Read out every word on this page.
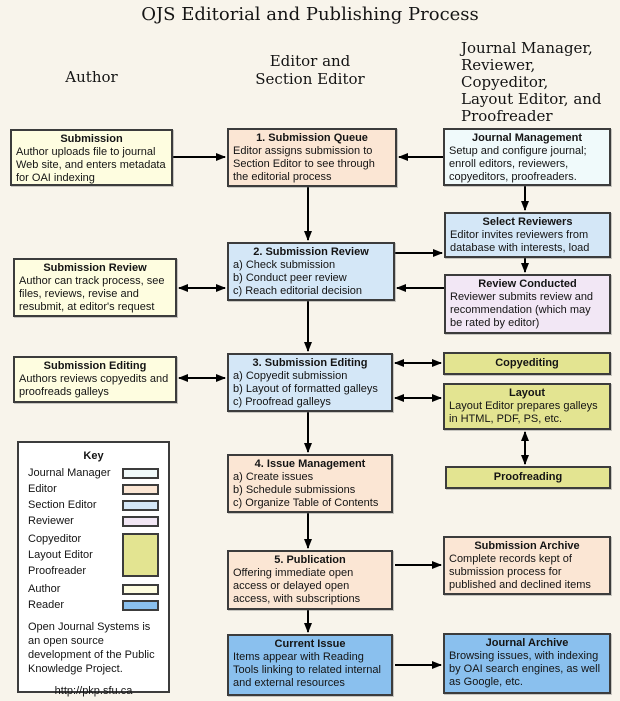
OJS Editorial and Publishing Process
Author
Editor and
Section Editor
Journal Manager,
Reviewer, Copyeditor,
Layout Editor, and
Proofreader
Submission
Author uploads file to journal Web site, and enters metadata for OAI indexing
Submission Review
Author can track process, see files, reviews, revise and resubmit, at editor's request
Submission Editing
Authors reviews copyedits and proofreads galleys
1. Submission Queue
Editor assigns submission to Section Editor to see through the editorial process
2. Submission Review
a) Check submission
b) Conduct peer review
c) Reach editorial decision
3. Submission Editing
a) Copyedit submission
b) Layout of formatted galleys
c) Proofread galleys
4. Issue Management
a) Create issues
b) Schedule submissions
c) Organize Table of Contents
5. Publication
Offering immediate open access or delayed open access, with subscriptions
Current Issue
Items appear with Reading Tools linking to related internal and external resources
Journal Management
Setup and configure journal; enroll editors, reviewers, copyeditors, proofreaders.
Select Reviewers
Editor invites reviewers from database with interests, load
Review Conducted
Reviewer submits review and recommendation (which may be rated by editor)
Copyediting
Layout
Layout Editor prepares galleys in HTML, PDF, PS, etc.
Proofreading
Submission Archive
Complete records kept of submission process for published and declined items
Journal Archive
Browsing issues, with indexing by OAI search engines, as well as Google, etc.
Key
Journal Manager
Editor
Section Editor
Reviewer
Copyeditor
Layout Editor
Proofreader
Author
Reader
Open Journal Systems is an open source development of the Public Knowledge Project.
http://pkp.sfu.ca
